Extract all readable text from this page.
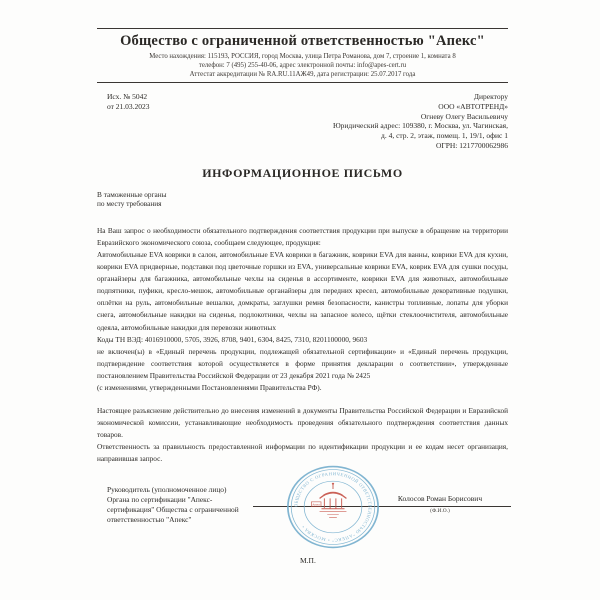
Общество с ограниченной ответственностью "Апекс"
Место нахождения: 115193, РОССИЯ, город Москва, улица Петра Романова, дом 7, строение 1, комната 8
телефон: 7 (495) 255-40-06, адрес электронной почты: info@apes-cert.ru
Аттестат аккредитации № RA.RU.11АЖ49, дата регистрации: 25.07.2017 года
Исх. № 5042
от 21.03.2023
Директору
ООО «АВТОТРЕНД»
Огневу Олегу Васильевичу
Юридический адрес: 109380, г. Москва, ул. Чагинская,
д. 4, стр. 2, этаж, помещ. 1, 19/1, офис 1
ОГРН: 1217700062986
ИНФОРМАЦИОННОЕ ПИСЬМО
В таможенные органы
по месту требования

На Ваш запрос о необходимости обязательного подтверждения соответствия продукции при выпуске в обращение на территории Евразийского экономического союза, сообщаем следующее, продукция:

Автомобильные EVA коврики в салон, автомобильные EVA коврики в багажник, коврики EVA для ванны, коврики EVA для кухни, коврики EVA придверные, подставки под цветочные горшки из EVA, универсальные коврики EVA, коврик EVA для сушки посуды, органайзеры для багажника, автомобильные чехлы на сиденья в ассортименте, коврики EVA для животных, автомобильные подпятники, пуфики, кресло-мешок, автомобильные органайзеры для передних кресел, автомобильные декоративные подушки, оплётки на руль, автомобильные вешалки, домкраты, заглушки ремня безопасности, канистры топливные, лопаты для уборки снега, автомобильные накидки на сиденья, подлокотники, чехлы на запасное колесо, щётки стеклоочистителя, автомобильные одеяла, автомобильные накидки для перевозки животных

Коды ТН ВЭД: 4016910000, 5705, 3926, 8708, 9401, 6304, 8425, 7310, 8201100000, 9603

не включен(ы) в «Единый перечень продукции, подлежащей обязательной сертификации» и «Единый перечень продукции, подтверждение соответствия которой осуществляется в форме принятия декларации о соответствии», утвержденные постановлением Правительства Российской Федерации от 23 декабря 2021 года № 2425

(с изменениями, утвержденными Постановлениями Правительства РФ).

Настоящее разъяснение действительно до внесения изменений в документы Правительства Российской Федерации и Евразийской экономической комиссии, устанавливающие необходимость проведения обязательного подтверждения соответствия данных товаров.

Ответственность за правильность предоставленной информации по идентификации продукции и ее кодам несет организация, направившая запрос.

Руководитель (уполномоченное лицо)
Органа по сертификации "Апекс-
сертификация" Общества с ограниченной
ответственностью "Апекс"
Колосов Роман Борисович
(Ф.И.О.)
ОБЩЕСТВО С ОГРАНИЧЕННОЙ ОТВЕТСТВЕННОСТЬЮ "АПЕКС" • МОСКВА •
Апекс
М.П.
